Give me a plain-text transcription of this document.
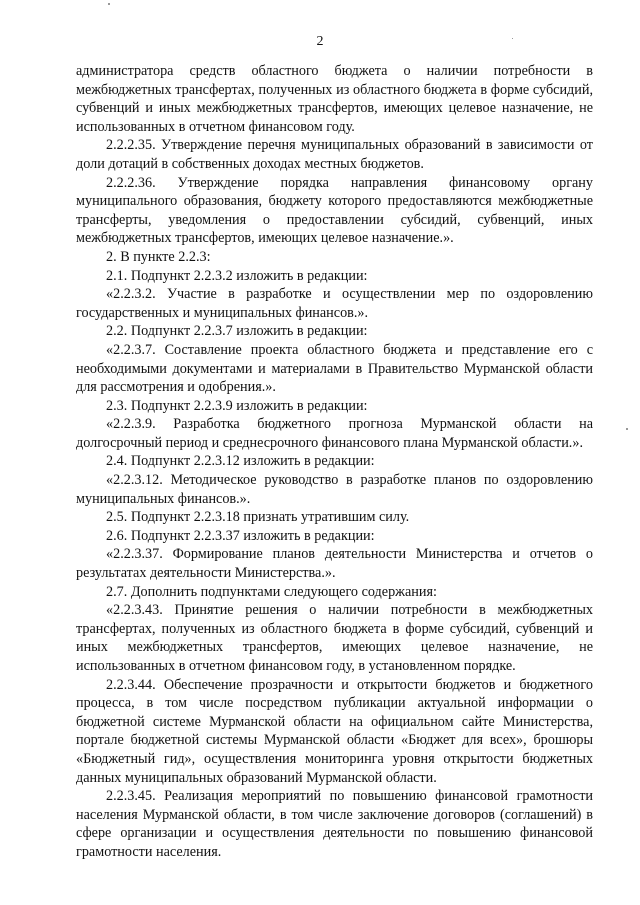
2

администратора средств областного бюджета о наличии потребности в межбюджетных трансфертах, полученных из областного бюджета в форме субсидий, субвенций и иных межбюджетных трансфертов, имеющих целевое назначение, не использованных в отчетном финансовом году.

2.2.2.35. Утверждение перечня муниципальных образований в зависимости от доли дотаций в собственных доходах местных бюджетов.

2.2.2.36. Утверждение порядка направления финансовому органу муниципального образования, бюджету которого предоставляются межбюджетные трансферты, уведомления о предоставлении субсидий, субвенций, иных межбюджетных трансфертов, имеющих целевое назначение.».

2. В пункте 2.2.3:

2.1. Подпункт 2.2.3.2 изложить в редакции:

«2.2.3.2. Участие в разработке и осуществлении мер по оздоровлению государственных и муниципальных финансов.».

2.2. Подпункт 2.2.3.7 изложить в редакции:

«2.2.3.7. Составление проекта областного бюджета и представление его с необходимыми документами и материалами в Правительство Мурманской области для рассмотрения и одобрения.».

2.3. Подпункт 2.2.3.9 изложить в редакции:

«2.2.3.9. Разработка бюджетного прогноза Мурманской области на долгосрочный период и среднесрочного финансового плана Мурманской области.».

2.4. Подпункт 2.2.3.12 изложить в редакции:

«2.2.3.12. Методическое руководство в разработке планов по оздоровлению муниципальных финансов.».

2.5. Подпункт 2.2.3.18 признать утратившим силу.

2.6. Подпункт 2.2.3.37 изложить в редакции:

«2.2.3.37. Формирование планов деятельности Министерства и отчетов о результатах деятельности Министерства.».

2.7. Дополнить подпунктами следующего содержания:

«2.2.3.43. Принятие решения о наличии потребности в межбюджетных трансфертах, полученных из областного бюджета в форме субсидий, субвенций и иных межбюджетных трансфертов, имеющих целевое назначение, не использованных в отчетном финансовом году, в установленном порядке.

2.2.3.44. Обеспечение прозрачности и открытости бюджетов и бюджетного процесса, в том числе посредством публикации актуальной информации о бюджетной системе Мурманской области на официальном сайте Министерства, портале бюджетной системы Мурманской области «Бюджет для всех», брошюры «Бюджетный гид», осуществления мониторинга уровня открытости бюджетных данных муниципальных образований Мурманской области.

2.2.3.45. Реализация мероприятий по повышению финансовой грамотности населения Мурманской области, в том числе заключение договоров (соглашений) в сфере организации и осуществления деятельности по повышению финансовой грамотности населения.
